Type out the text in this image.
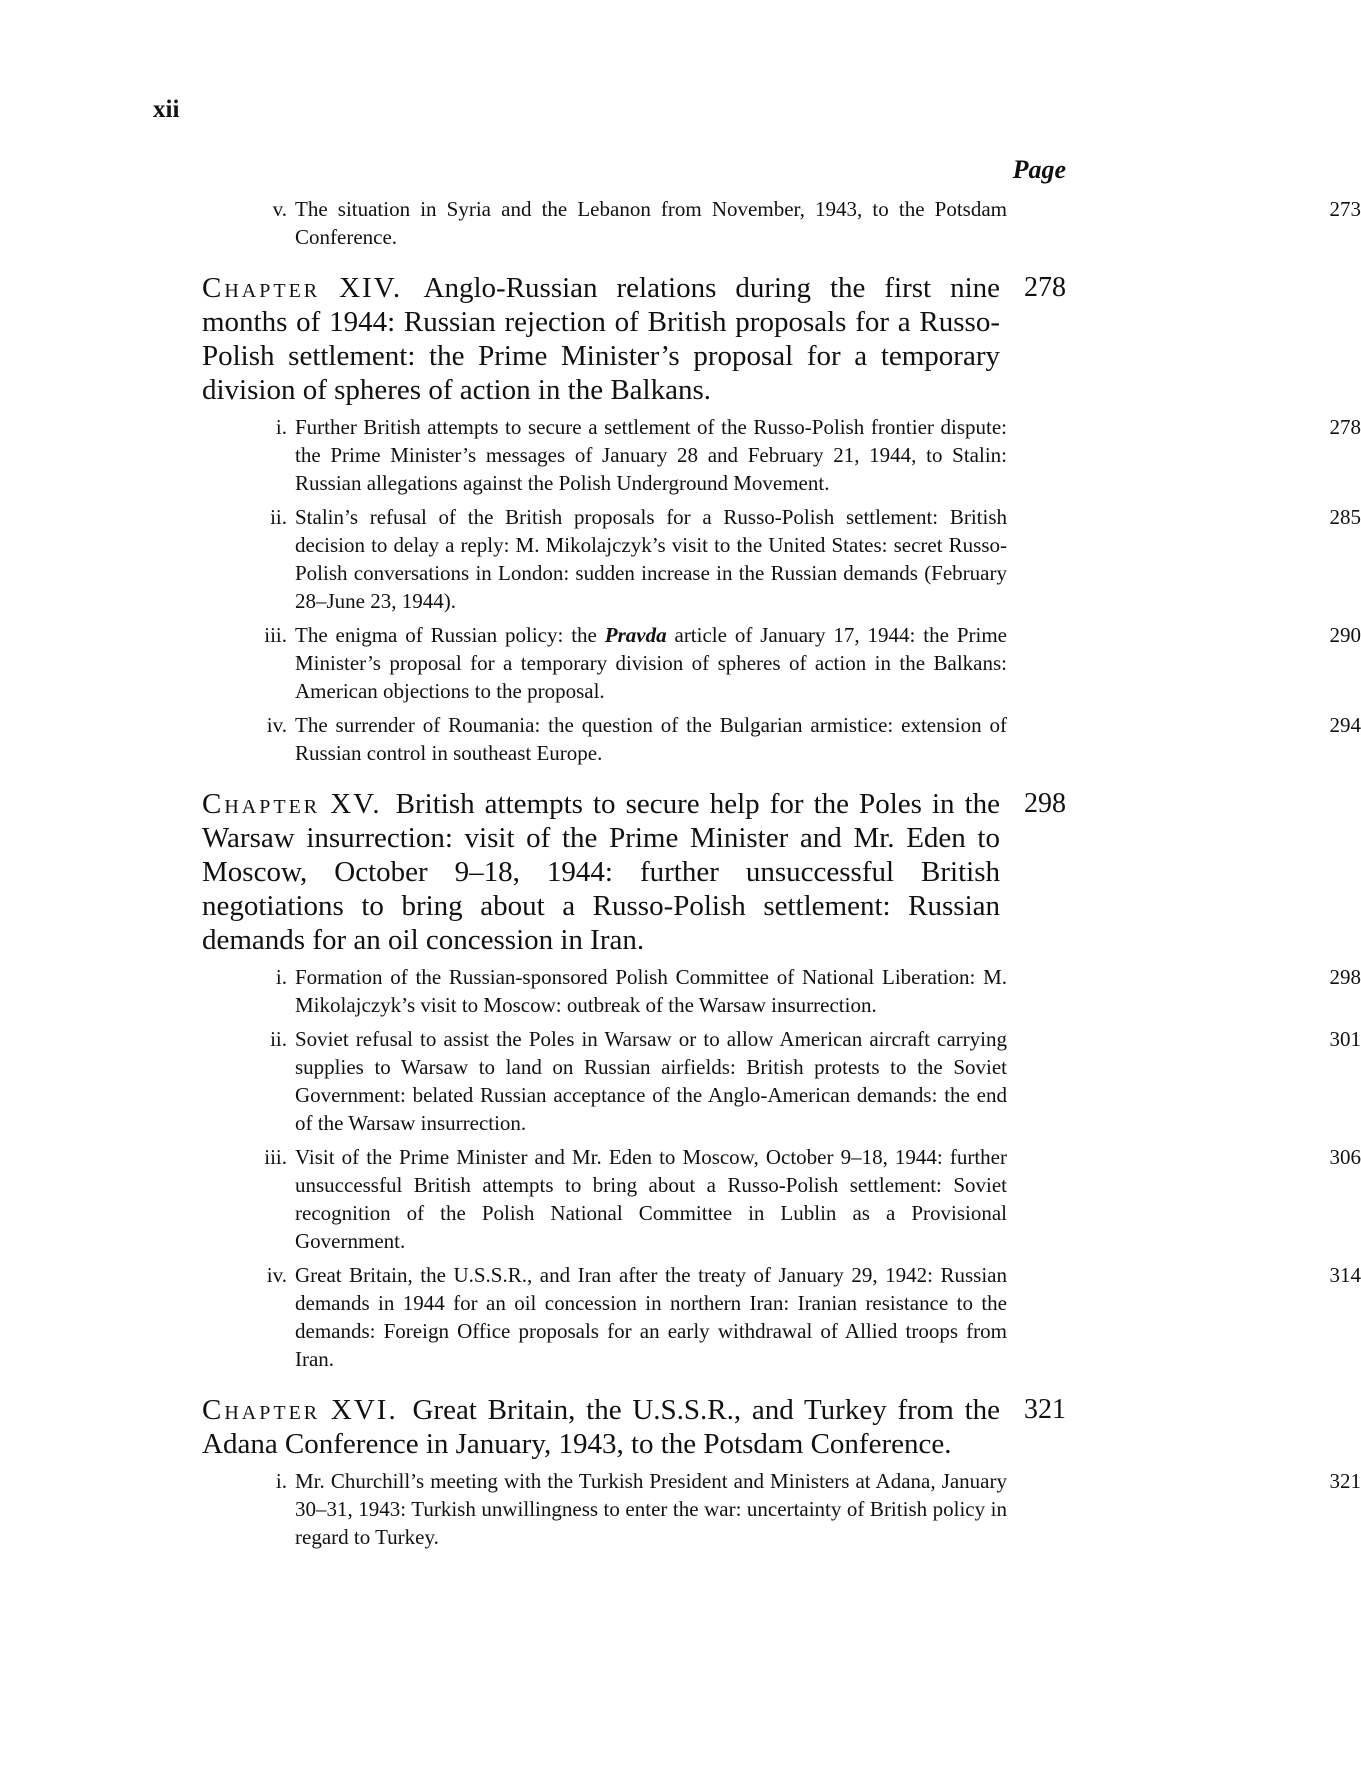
xii
Page
v. The situation in Syria and the Lebanon from November, 1943, to the Potsdam Conference.
273
Chapter XIV. Anglo-Russian relations during the first nine months of 1944: Russian rejection of British proposals for a Russo-Polish settlement: the Prime Minister’s proposal for a temporary division of spheres of action in the Balkans.
278
i. Further British attempts to secure a settlement of the Russo-Polish frontier dispute: the Prime Minister’s messages of January 28 and February 21, 1944, to Stalin: Russian allegations against the Polish Underground Movement.
278
ii. Stalin’s refusal of the British proposals for a Russo-Polish settlement: British decision to delay a reply: M. Mikolajczyk’s visit to the United States: secret Russo-Polish conversations in London: sudden increase in the Russian demands (February 28–June 23, 1944).
285
iii. The enigma of Russian policy: the Pravda article of January 17, 1944: the Prime Minister’s proposal for a temporary division of spheres of action in the Balkans: American objections to the proposal.
290
iv. The surrender of Roumania: the question of the Bulgarian armistice: extension of Russian control in southeast Europe.
294
Chapter XV. British attempts to secure help for the Poles in the Warsaw insurrection: visit of the Prime Minister and Mr. Eden to Moscow, October 9–18, 1944: further unsuccessful British negotiations to bring about a Russo-Polish settlement: Russian demands for an oil concession in Iran.
298
i. Formation of the Russian-sponsored Polish Committee of National Liberation: M. Mikolajczyk’s visit to Moscow: outbreak of the Warsaw insurrection.
298
ii. Soviet refusal to assist the Poles in Warsaw or to allow American aircraft carrying supplies to Warsaw to land on Russian airfields: British protests to the Soviet Government: belated Russian acceptance of the Anglo-American demands: the end of the Warsaw insurrection.
301
iii. Visit of the Prime Minister and Mr. Eden to Moscow, October 9–18, 1944: further unsuccessful British attempts to bring about a Russo-Polish settlement: Soviet recognition of the Polish National Committee in Lublin as a Provisional Government.
306
iv. Great Britain, the U.S.S.R., and Iran after the treaty of January 29, 1942: Russian demands in 1944 for an oil concession in northern Iran: Iranian resistance to the demands: Foreign Office proposals for an early withdrawal of Allied troops from Iran.
314
Chapter XVI. Great Britain, the U.S.S.R., and Turkey from the Adana Conference in January, 1943, to the Potsdam Conference.
321
i. Mr. Churchill’s meeting with the Turkish President and Ministers at Adana, January 30–31, 1943: Turkish unwillingness to enter the war: uncertainty of British policy in regard to Turkey.
321
